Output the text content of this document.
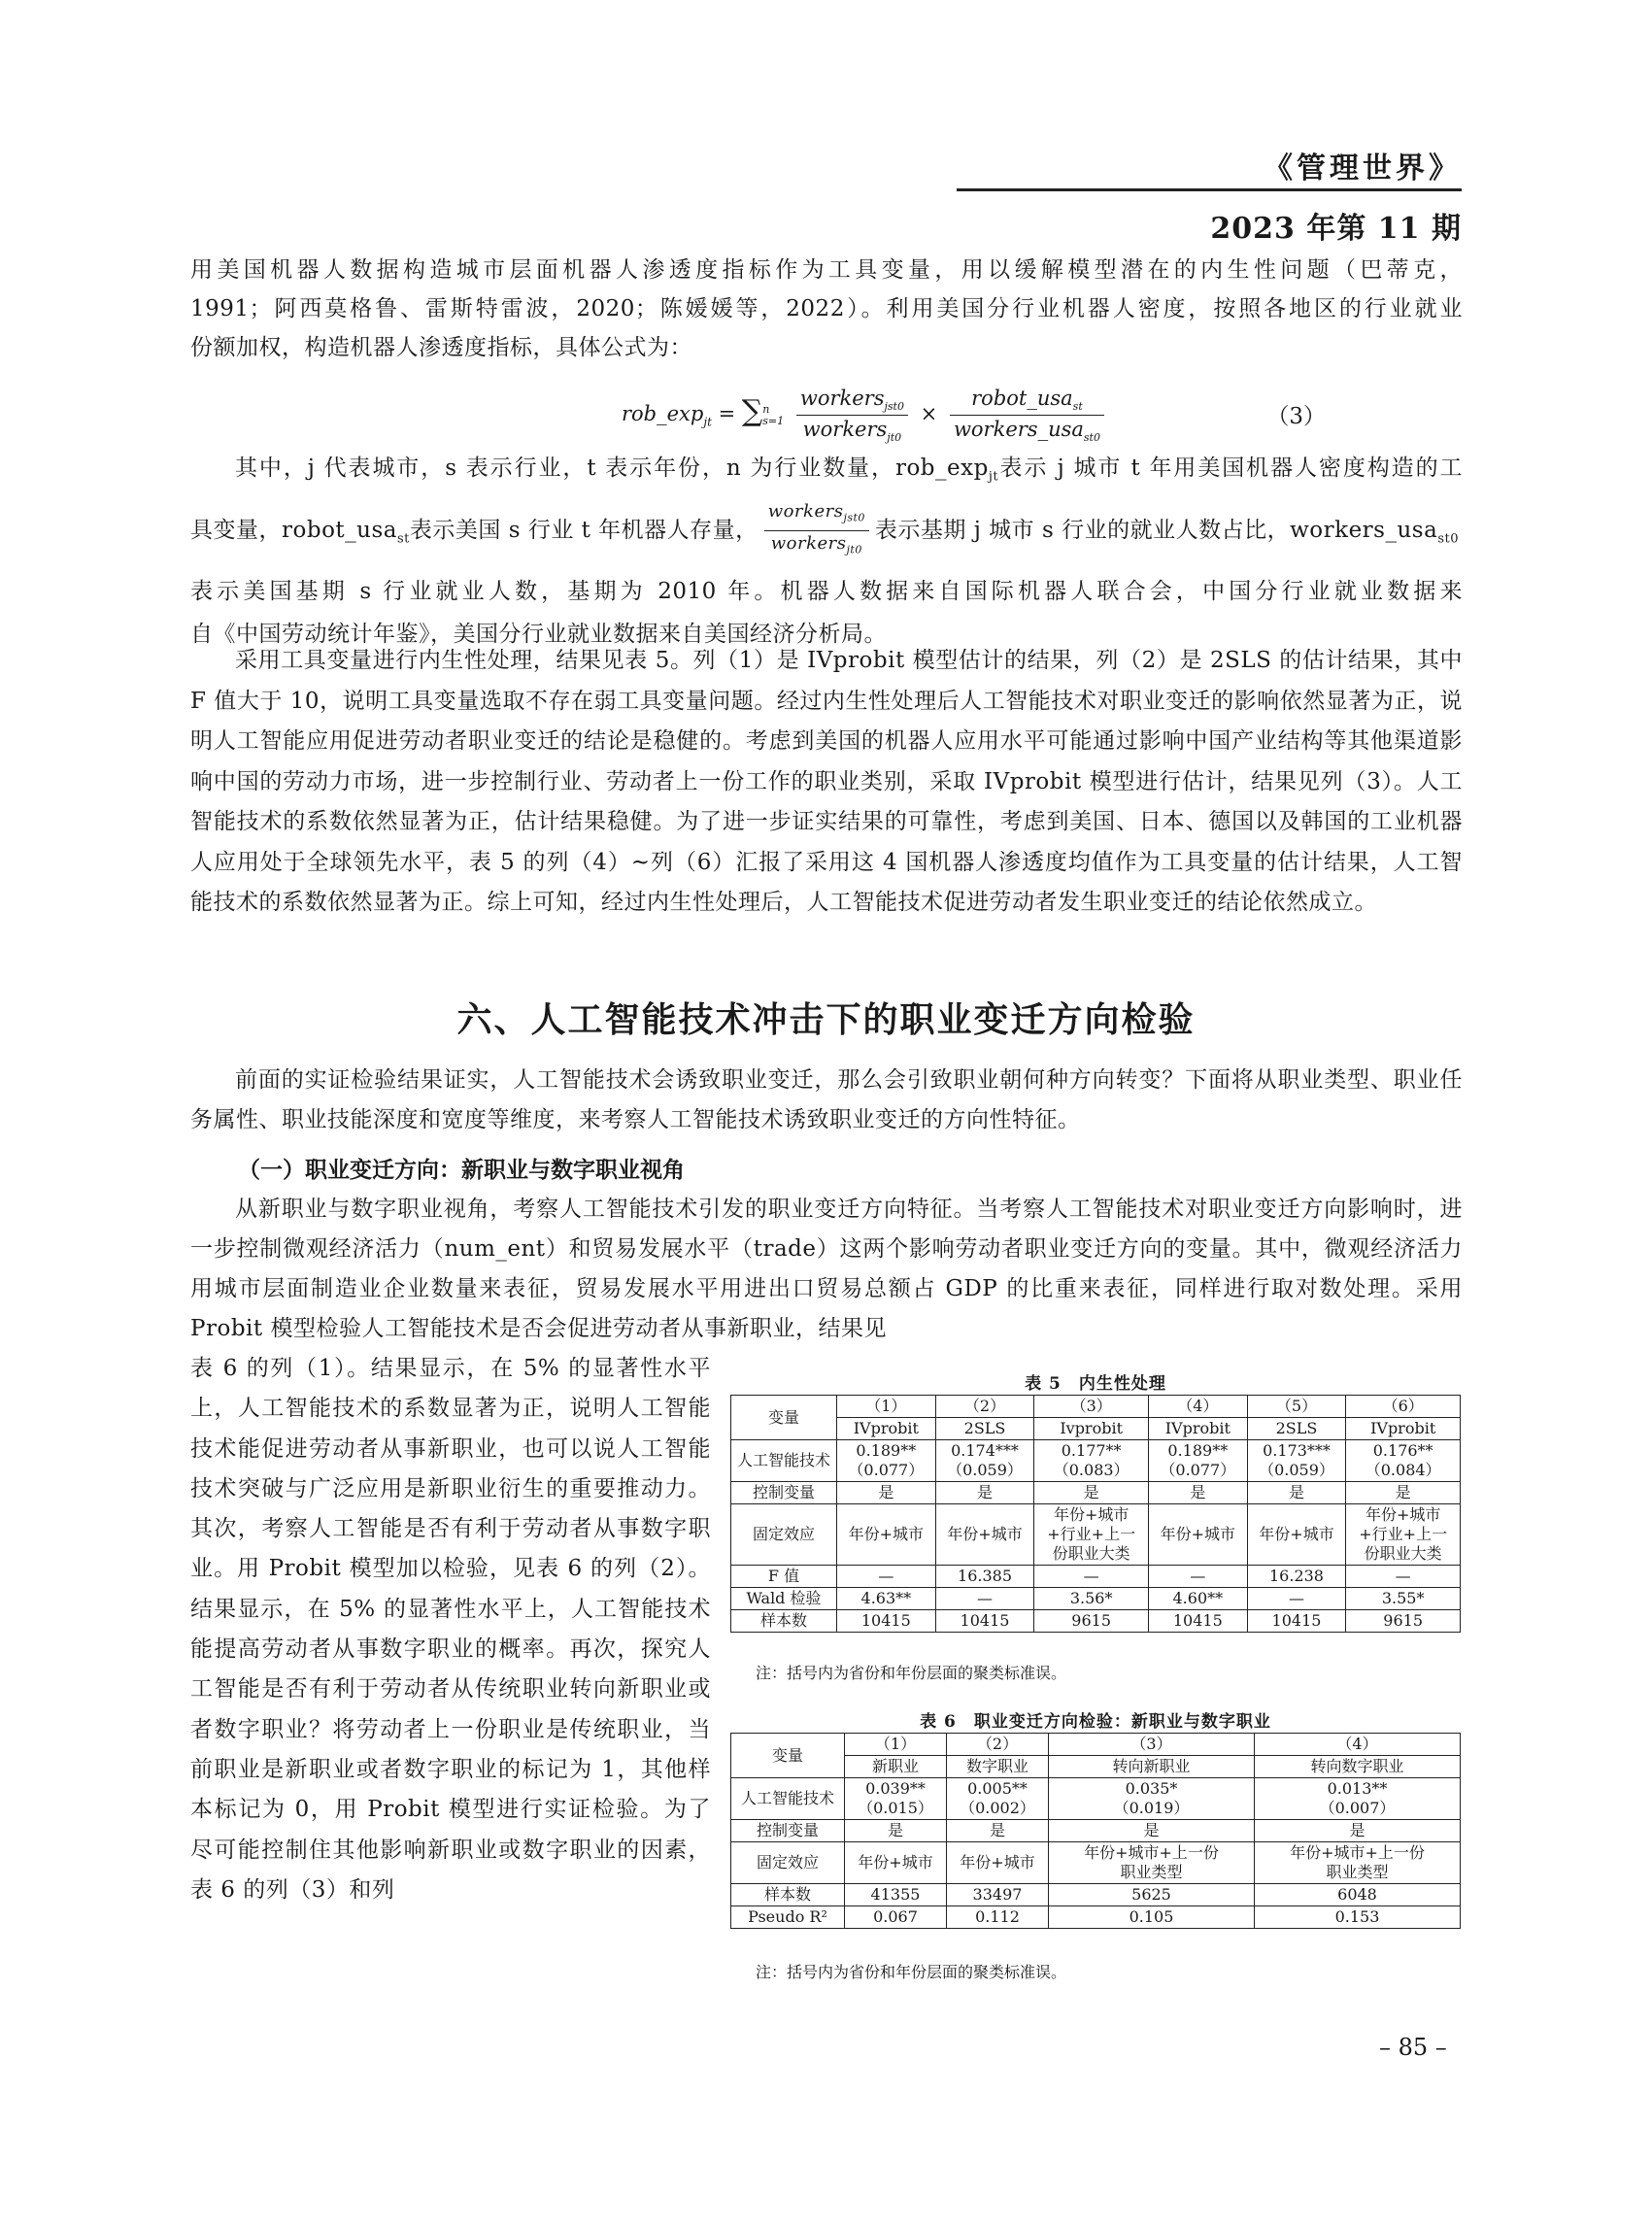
《管理世界》
2023 年第 11 期

用美国机器人数据构造城市层面机器人渗透度指标作为工具变量，用以缓解模型潜在的内生性问题（巴蒂克，

1991；阿西莫格鲁、雷斯特雷波，2020；陈媛媛等，2022）。利用美国分行业机器人密度，按照各地区的行业就业

份额加权，构造机器人渗透度指标，具体公式为：

$rob\_\exp_{jt}$ = ∑ n
s=1
$\frac{workers_{jst0}}{workers_{jt0}} \times \frac{robot\_usa_{st}}{workers\_usa_{st0}}$	（3）

其中，j 代表城市，s 表示行业，t 表示年份，n 为行业数量，$rob\_\exp_{jt}$表示 j 城市 t 年用美国机器人密度构造的工

具变量，robot_usa$_{st}$表示美国 s 行业 t 年机器人存量， $\frac{workers_{jst0}}{workers_{jt0}}$ 表示基期 j 城市 s 行业的就业人数占比，workers_usa$_{st0}$

表示美国基期 s 行业就业人数，基期为 2010 年。机器人数据来自国际机器人联合会，中国分行业就业数据来

自《中国劳动统计年鉴》，美国分行业就业数据来自美国经济分析局。

采用工具变量进行内生性处理，结果见表 5。列（1）是 IVprobit 模型估计的结果，列（2）是 2SLS 的估计结果，其中 F 值大于 10，说明工具变量选取不存在弱工具变量问题。经过内生性处理后人工智能技术对职业变迁的影响依然显著为正，说明人工智能应用促进劳动者职业变迁的结论是稳健的。考虑到美国的机器人应用水平可能通过影响中国产业结构等其他渠道影响中国的劳动力市场，进一步控制行业、劳动者上一份工作的职业类别，采取 IVprobit 模型进行估计，结果见列（3）。人工智能技术的系数依然显著为正，估计结果稳健。为了进一步证实结果的可靠性，考虑到美国、日本、德国以及韩国的工业机器人应用处于全球领先水平，表 5 的列（4）~列（6）汇报了采用这 4 国机器人渗透度均值作为工具变量的估计结果，人工智能技术的系数依然显著为正。综上可知，经过内生性处理后，人工智能技术促进劳动者发生职业变迁的结论依然成立。
六、人工智能技术冲击下的职业变迁方向检验
前面的实证检验结果证实，人工智能技术会诱致职业变迁，那么会引致职业朝何种方向转变？下面将从职业类型、职业任务属性、职业技能深度和宽度等维度，来考察人工智能技术诱致职业变迁的方向性特征。
（一）职业变迁方向：新职业与数字职业视角
从新职业与数字职业视角，考察人工智能技术引发的职业变迁方向特征。当考察人工智能技术对职业变迁方向影响时，进一步控制微观经济活力（num_ent）和贸易发展水平（trade）这两个影响劳动者职业变迁方向的变量。其中，微观经济活力用城市层面制造业企业数量来表征，贸易发展水平用进出口贸易总额占 GDP 的比重来表征，同样进行取对数处理。采用 Probit 模型检验人工智能技术是否会促进劳动者从事新职业，结果见
表 6 的列（1）。结果显示，在 5% 的显著性水平上，人工智能技术的系数显著为正，说明人工智能技术能促进劳动者从事新职业，也可以说人工智能技术突破与广泛应用是新职业衍生的重要推动力。其次，考察人工智能是否有利于劳动者从事数字职业。用 Probit 模型加以检验，见表 6 的列（2）。结果显示，在 5% 的显著性水平上，人工智能技术能提高劳动者从事数字职业的概率。再次，探究人工智能是否有利于劳动者从传统职业转向新职业或者数字职业？将劳动者上一份职业是传统职业，当前职业是新职业或者数字职业的标记为 1，其他样本标记为 0，用 Probit 模型进行实证检验。为了尽可能控制住其他影响新职业或数字职业的因素，表 6 的列（3）和列
表 5　内生性处理
变量	（1）	（2）	（3）	（4）	（5）	（6）
	IVprobit	2SLS	Ivprobit	IVprobit	2SLS	IVprobit
人工智能技术	0.189**
（0.077）	0.174***
（0.059）	0.177**
（0.083）	0.189**
（0.077）	0.173***
（0.059）	0.176**
（0.084）
控制变量	是	是	是	是	是	是
固定效应	年份+城市	年份+城市	年份+城市
+行业+上一
份职业大类	年份+城市	年份+城市	年份+城市
+行业+上一
份职业大类
F 值	—	16.385	—	—	16.238	—
Wald 检验	4.63**	—	3.56*	4.60**	—	3.55*
样本数	10415	10415	9615	10415	10415	9615
注：括号内为省份和年份层面的聚类标准误。
表 6　职业变迁方向检验：新职业与数字职业
变量	（1）	（2）	（3）	（4）
	新职业	数字职业	转向新职业	转向数字职业
人工智能技术	0.039**
（0.015）	0.005**
（0.002）	0.035*
（0.019）	0.013**
（0.007）
控制变量	是	是	是	是
固定效应	年份+城市	年份+城市	年份+城市+上一份
职业类型	年份+城市+上一份
职业类型
样本数	41355	33497	5625	6048
Pseudo R²	0.067	0.112	0.105	0.153
注：括号内为省份和年份层面的聚类标准误。
– 85 –
